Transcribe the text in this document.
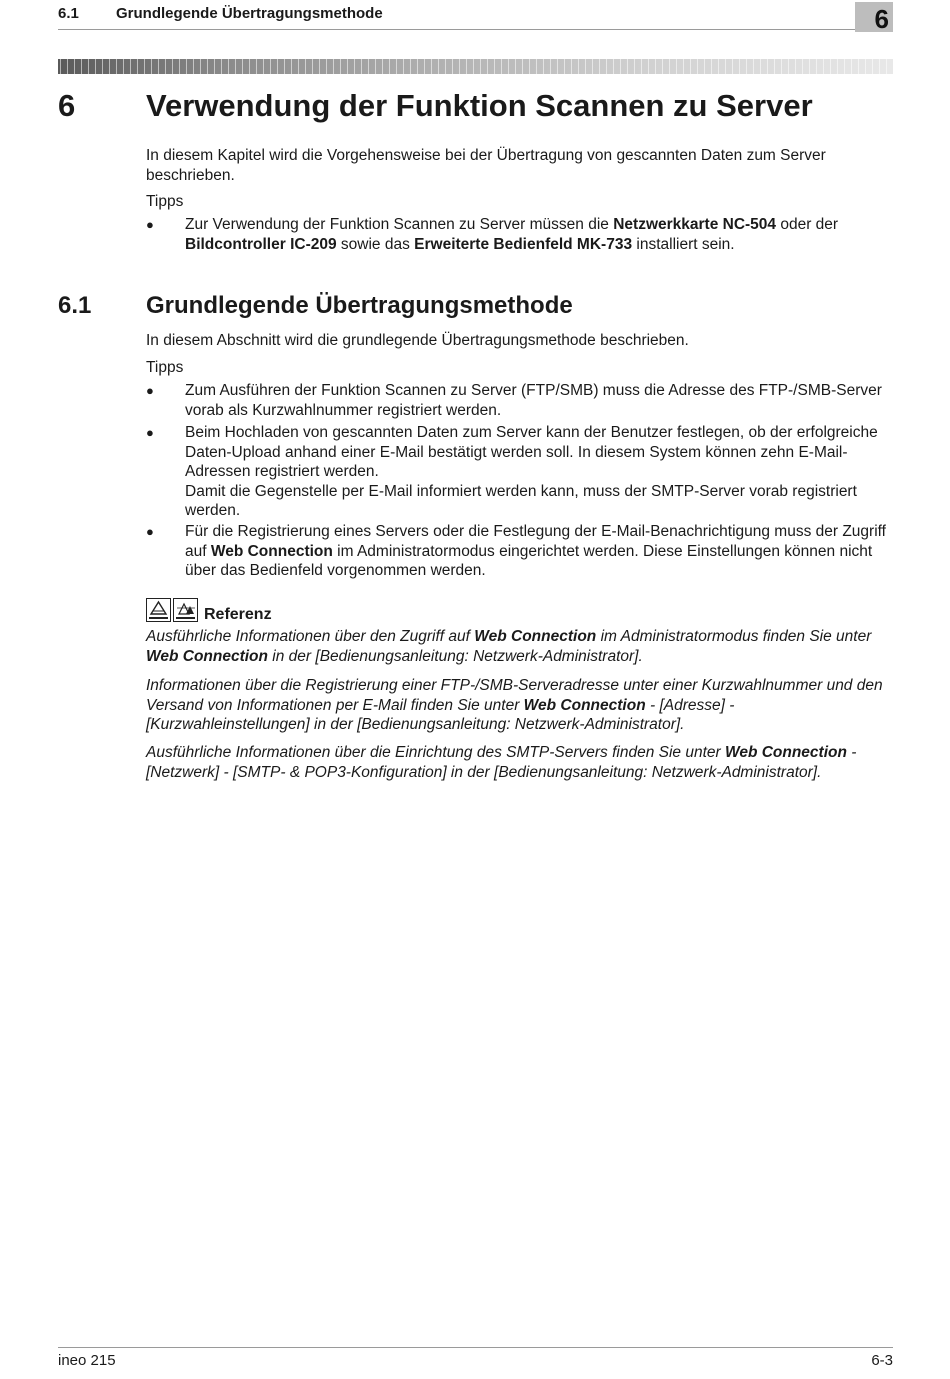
6.1 Grundlegende Übertragungsmethode	6
6 Verwendung der Funktion Scannen zu Server
In diesem Kapitel wird die Vorgehensweise bei der Übertragung von gescannten Daten zum Server beschrieben.
Tipps
● Zur Verwendung der Funktion Scannen zu Server müssen die Netzwerkkarte NC-504 oder der Bildcontroller IC-209 sowie das Erweiterte Bedienfeld MK-733 installiert sein.
6.1 Grundlegende Übertragungsmethode
In diesem Abschnitt wird die grundlegende Übertragungsmethode beschrieben.
Tipps
● Zum Ausführen der Funktion Scannen zu Server (FTP/SMB) muss die Adresse des FTP-/SMB-Server vorab als Kurzwahlnummer registriert werden.
● Beim Hochladen von gescannten Daten zum Server kann der Benutzer festlegen, ob der erfolgreiche Daten-Upload anhand einer E-Mail bestätigt werden soll. In diesem System können zehn E-Mail-Adressen registriert werden.
Damit die Gegenstelle per E-Mail informiert werden kann, muss der SMTP-Server vorab registriert werden.
● Für die Registrierung eines Servers oder die Festlegung der E-Mail-Benachrichtigung muss der Zugriff auf Web Connection im Administratormodus eingerichtet werden. Diese Einstellungen können nicht über das Bedienfeld vorgenommen werden.
Referenz
Ausführliche Informationen über den Zugriff auf Web Connection im Administratormodus finden Sie unter Web Connection in der [Bedienungsanleitung: Netzwerk-Administrator].
Informationen über die Registrierung einer FTP-/SMB-Serveradresse unter einer Kurzwahlnummer und den Versand von Informationen per E-Mail finden Sie unter Web Connection - [Adresse] - [Kurzwahleinstellungen] in der [Bedienungsanleitung: Netzwerk-Administrator].
Ausführliche Informationen über die Einrichtung des SMTP-Servers finden Sie unter Web Connection - [Netzwerk] - [SMTP- & POP3-Konfiguration] in der [Bedienungsanleitung: Netzwerk-Administrator].
ineo 215	6-3
